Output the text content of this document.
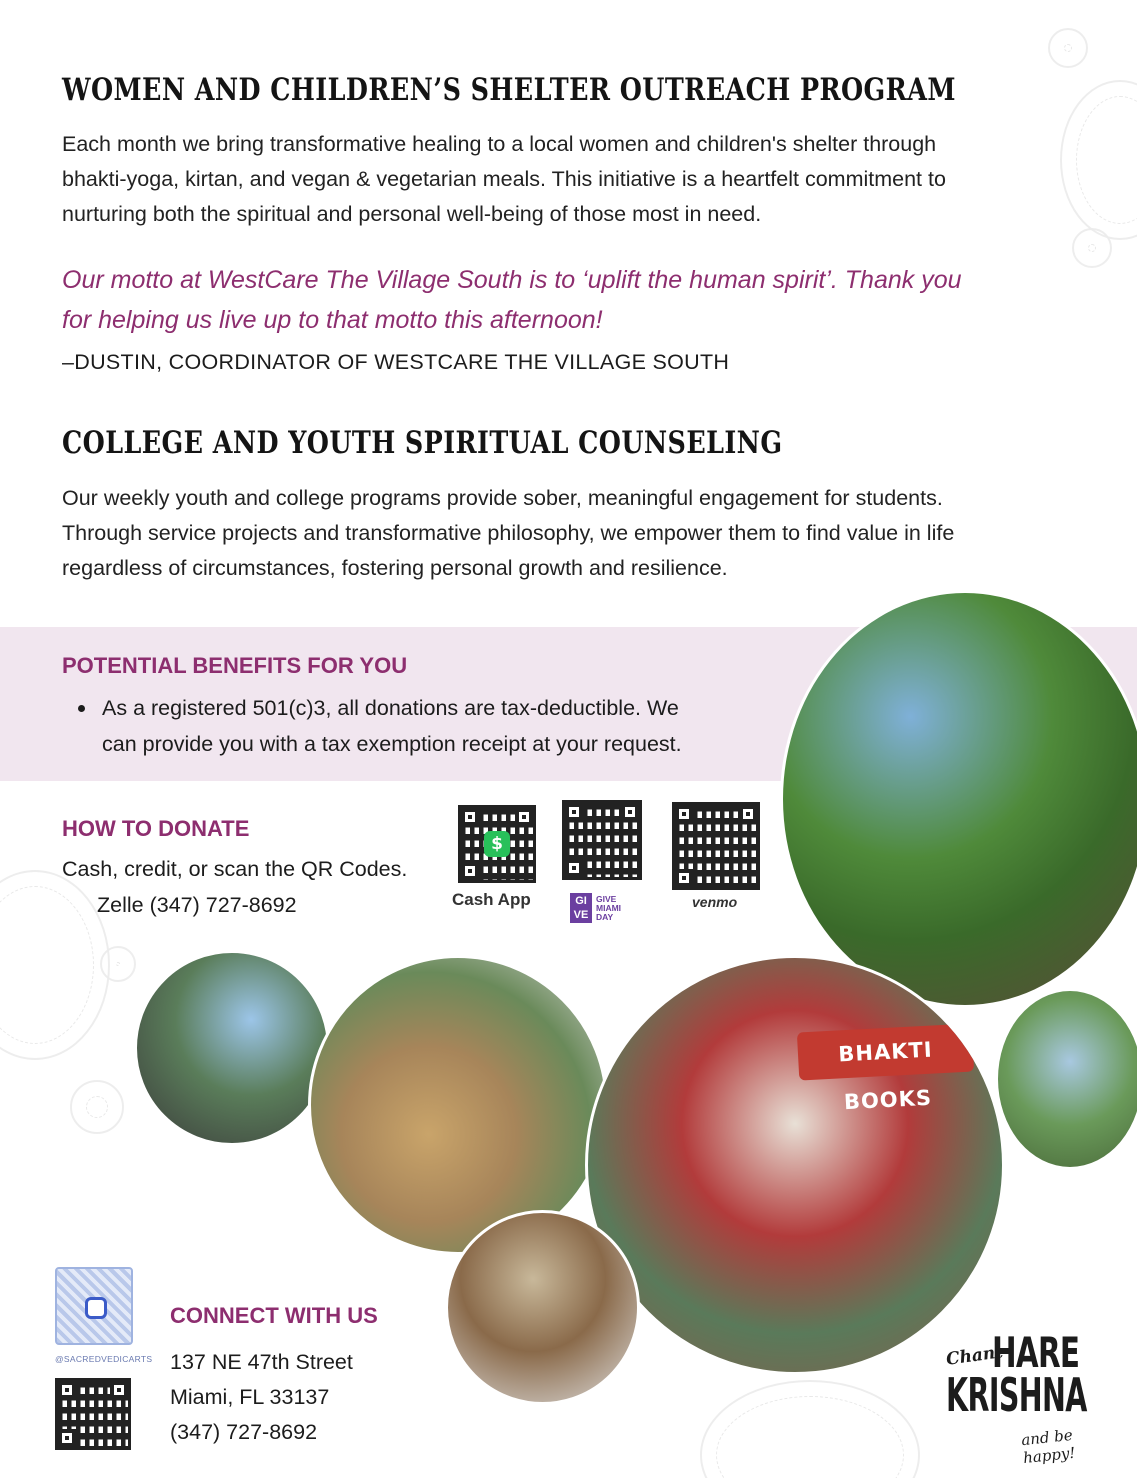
WOMEN AND CHILDREN’S SHELTER OUTREACH PROGRAM
Each month we bring transformative healing to a local women and children's shelter through
bhakti-yoga, kirtan, and vegan & vegetarian meals. This initiative is a heartfelt commitment to
nurturing both the spiritual and personal well-being of those most in need.
Our motto at WestCare The Village South is to ‘uplift the human spirit’. Thank you
for helping us live up to that motto this afternoon!
–DUSTIN, COORDINATOR OF WESTCARE THE VILLAGE SOUTH
COLLEGE AND YOUTH SPIRITUAL COUNSELING
Our weekly youth and college programs provide sober, meaningful engagement for students.
Through service projects and transformative philosophy, we empower them to find value in life
regardless of circumstances, fostering personal growth and resilience.
POTENTIAL BENEFITS FOR YOU
As a registered 501(c)3, all donations are tax-deductible. We
can provide you with a tax exemption receipt at your request.
BHAKTI BOOKS
HOW TO DONATE
Cash, credit, or scan the QR Codes.
Zelle (347) 727-8692
$
Cash App	GI VE
GIVE MIAMI DAY
venmo
@SACREDVEDICARTS
CONNECT WITH US
137 NE 47th Street
Miami, FL 33137
(347) 727-8692
Chant
HARE
KRISHNA
and be happy!
